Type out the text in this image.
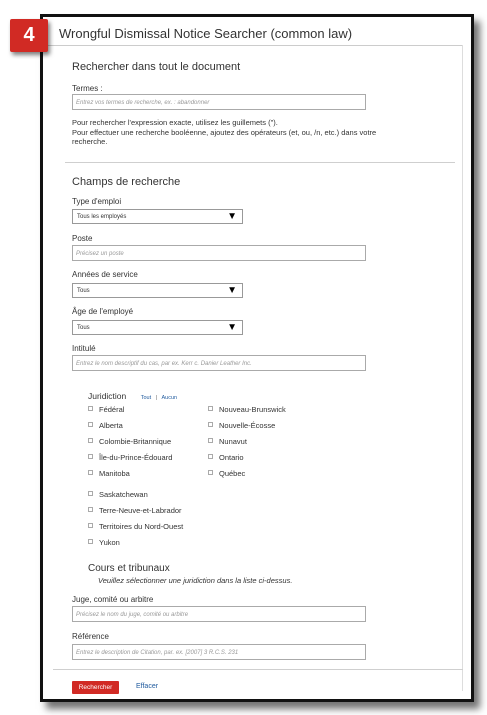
4	Wrongful Dismissal Notice Searcher (common law)
Rechercher dans tout le document
Termes :
Entrez vos termes de recherche, ex. : abandonner
Pour rechercher l'expression exacte, utilisez les guillemets (").
Pour effectuer une recherche booléenne, ajoutez des opérateurs (et, ou, /n, etc.) dans votre recherche.
Champs de recherche
Type d'emploi
Tous les employés	▼
Poste
Précisez un poste
Années de service
Tous	▼
Âge de l'employé
Tous	▼
Intitulé
Entrez le nom descriptif du cas, par ex. Kerr c. Danier Leather Inc.
Juridiction	Tout | Aucun
Fédéral
Alberta
Colombie-Britannique
Île-du-Prince-Édouard
Manitoba
Nouveau-Brunswick
Nouvelle-Écosse
Nunavut
Ontario
Québec
Saskatchewan
Terre-Neuve-et-Labrador
Territoires du Nord-Ouest
Yukon
Cours et tribunaux
Veuillez sélectionner une juridiction dans la liste ci-dessus.
Juge, comité ou arbitre
Précisez le nom du juge, comité ou arbitre
Référence
Entrez le description de Citation, par. ex. [2007] 3 R.C.S. 231
Rechercher	Effacer
